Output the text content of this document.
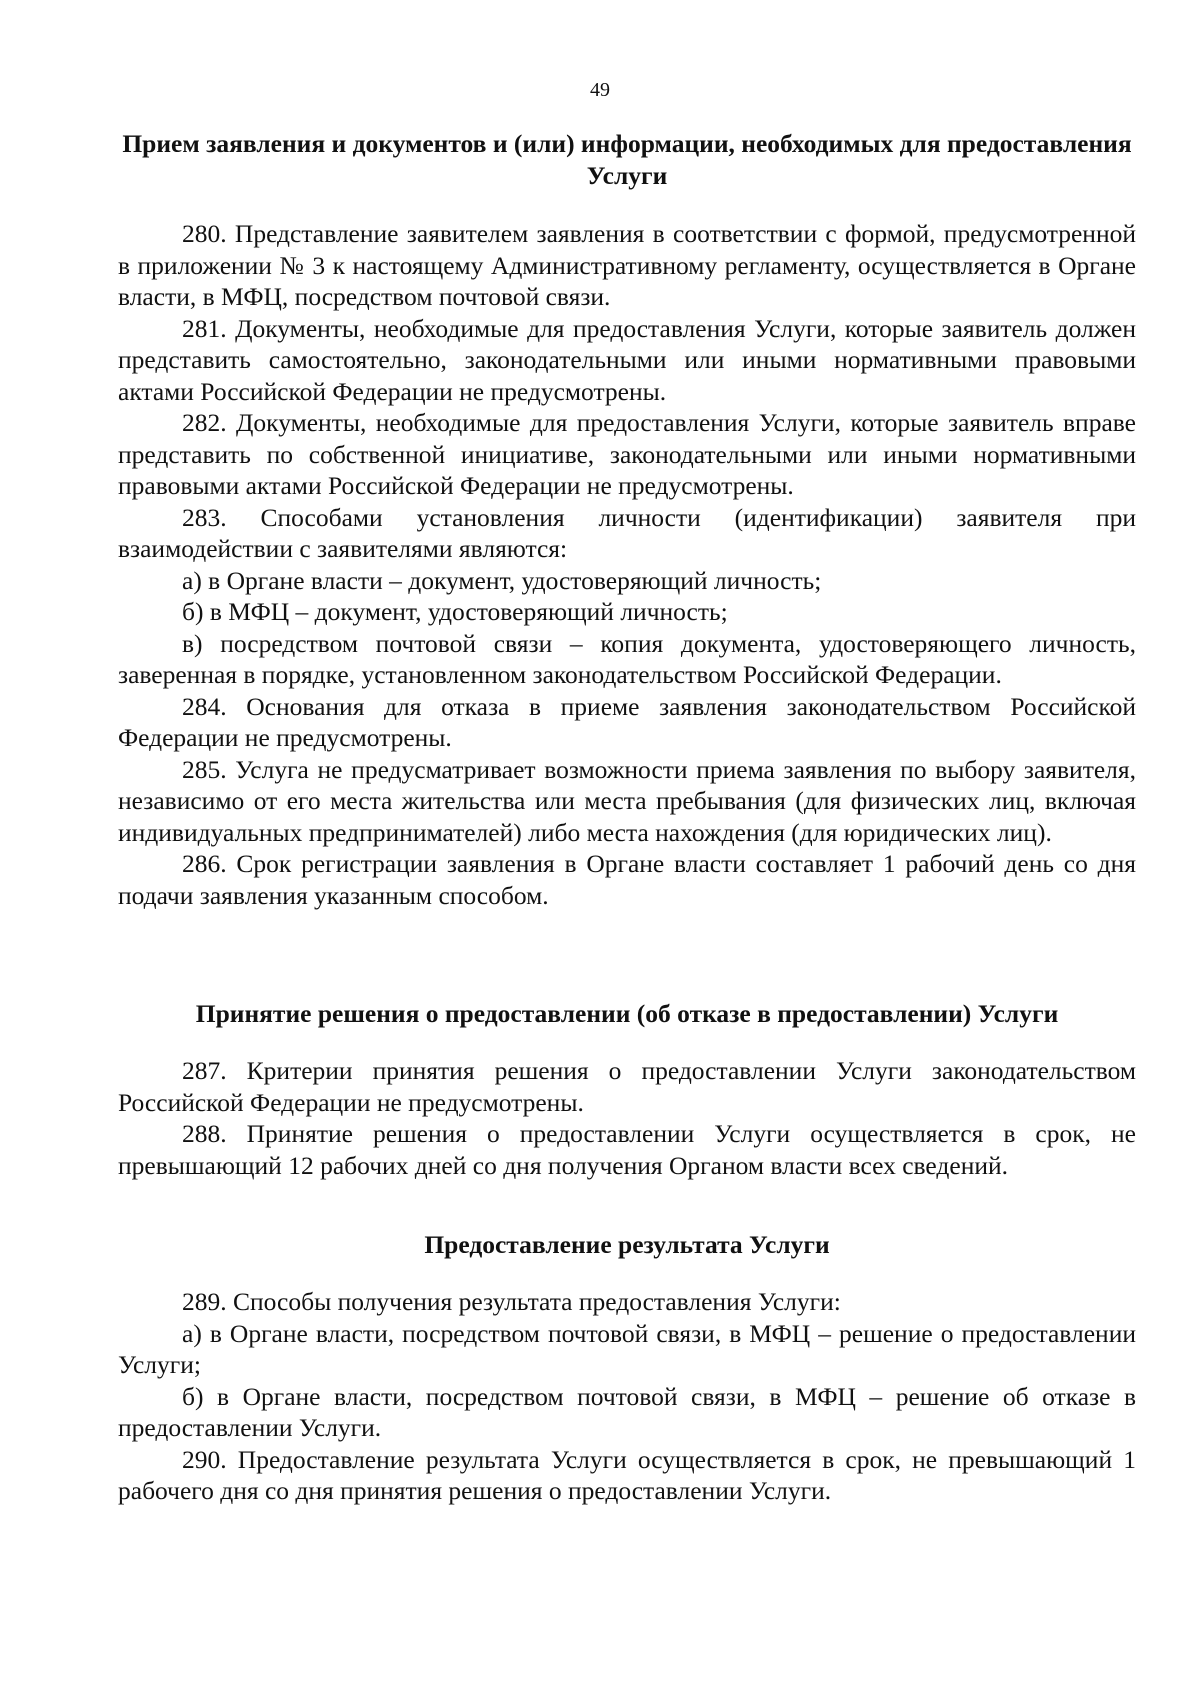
49

Прием заявления и документов и (или) информации, необходимых для предоставления Услуги

280. Представление заявителем заявления в соответствии с формой, предусмотренной в приложении № 3 к настоящему Административному регламенту, осуществляется в Органе власти, в МФЦ, посредством почтовой связи.

281. Документы, необходимые для предоставления Услуги, которые заявитель должен представить самостоятельно, законодательными или иными нормативными правовыми актами Российской Федерации не предусмотрены.

282. Документы, необходимые для предоставления Услуги, которые заявитель вправе представить по собственной инициативе, законодательными или иными нормативными правовыми актами Российской Федерации не предусмотрены.

283. Способами установления личности (идентификации) заявителя при взаимодействии с заявителями являются:

а) в Органе власти – документ, удостоверяющий личность;

б) в МФЦ – документ, удостоверяющий личность;

в) посредством почтовой связи – копия документа, удостоверяющего личность, заверенная в порядке, установленном законодательством Российской Федерации.

284. Основания для отказа в приеме заявления законодательством Российской Федерации не предусмотрены.

285. Услуга не предусматривает возможности приема заявления по выбору заявителя, независимо от его места жительства или места пребывания (для физических лиц, включая индивидуальных предпринимателей) либо места нахождения (для юридических лиц).

286. Срок регистрации заявления в Органе власти составляет 1 рабочий день со дня подачи заявления указанным способом.

Принятие решения о предоставлении (об отказе в предоставлении) Услуги

287. Критерии принятия решения о предоставлении Услуги законодательством Российской Федерации не предусмотрены.

288. Принятие решения о предоставлении Услуги осуществляется в срок, не превышающий 12 рабочих дней со дня получения Органом власти всех сведений.

Предоставление результата Услуги

289. Способы получения результата предоставления Услуги:

а) в Органе власти, посредством почтовой связи, в МФЦ – решение о предоставлении Услуги;

б) в Органе власти, посредством почтовой связи, в МФЦ – решение об отказе в предоставлении Услуги.

290. Предоставление результата Услуги осуществляется в срок, не превышающий 1 рабочего дня со дня принятия решения о предоставлении Услуги.
